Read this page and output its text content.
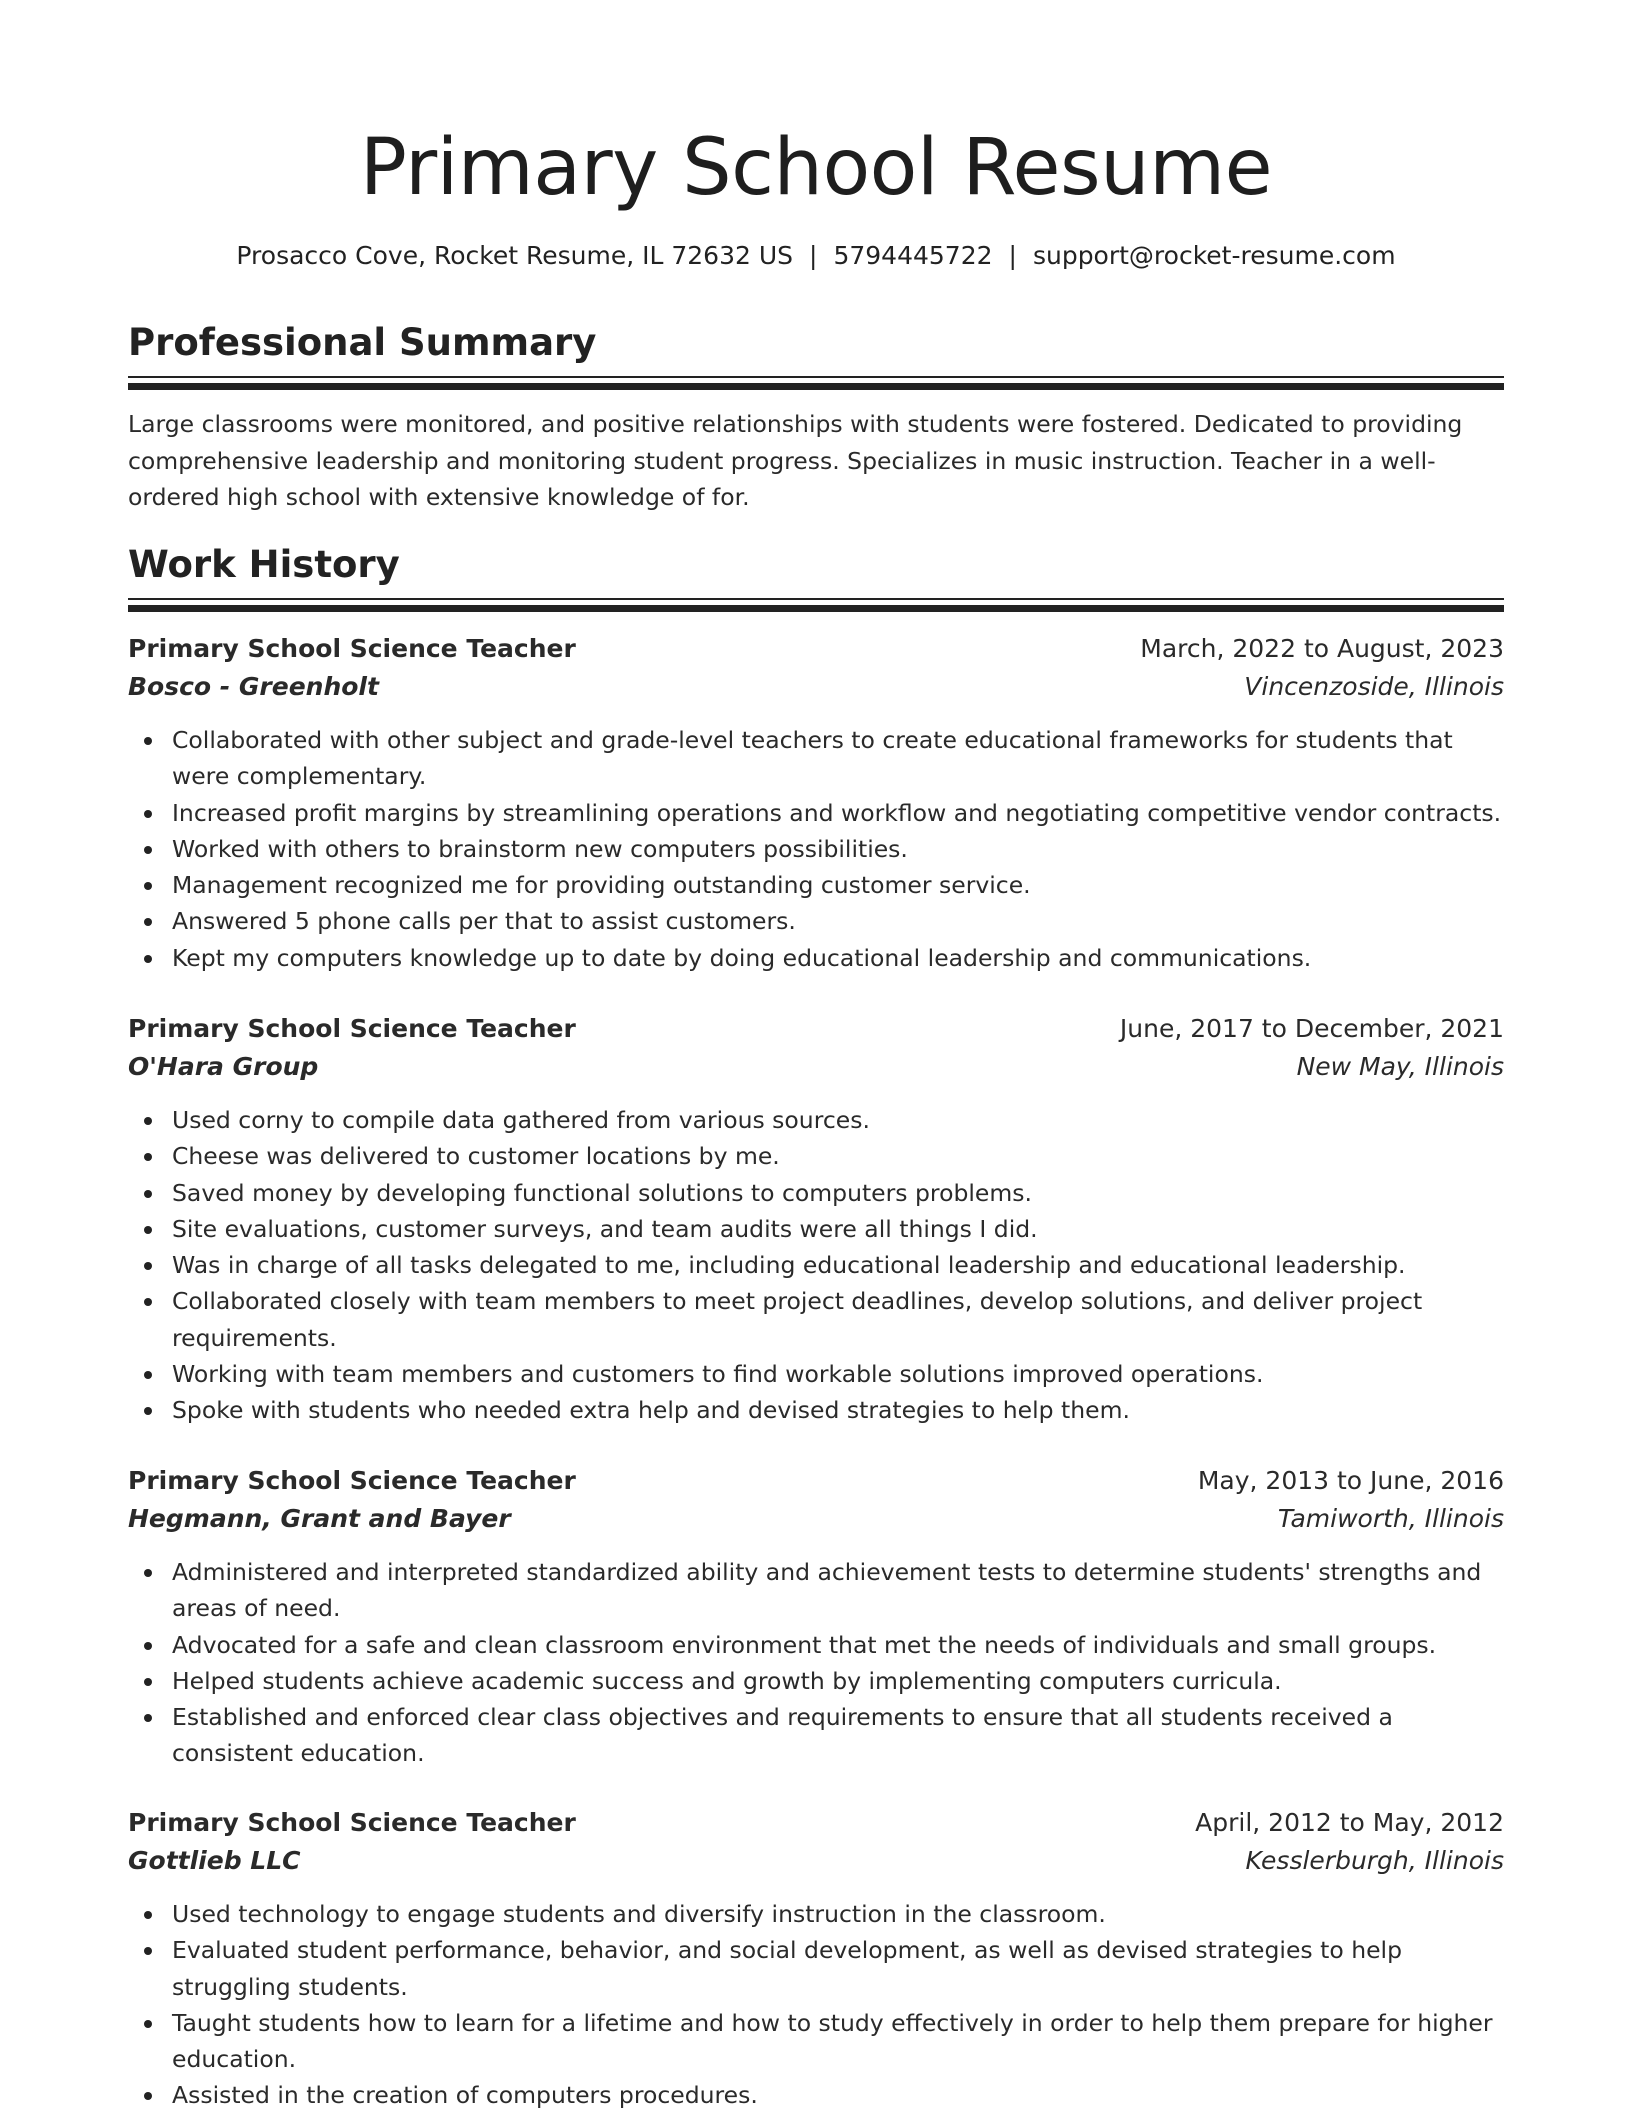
Primary School Resume
Prosacco Cove, Rocket Resume, IL 72632 US | 5794445722 | support@rocket-resume.com
Professional Summary

Large classrooms were monitored, and positive relationships with students were fostered. Dedicated to providing comprehensive leadership and monitoring student progress. Specializes in music instruction. Teacher in a well-ordered high school with extensive knowledge of for.

Work History
Primary School Science Teacher	March, 2022 to August, 2023
Bosco - Greenholt	Vincenzoside, Illinois
Collaborated with other subject and grade-level teachers to create educational frameworks for students that were complementary.
Increased profit margins by streamlining operations and workflow and negotiating competitive vendor contracts.
Worked with others to brainstorm new computers possibilities.
Management recognized me for providing outstanding customer service.
Answered 5 phone calls per that to assist customers.
Kept my computers knowledge up to date by doing educational leadership and communications.
Primary School Science Teacher	June, 2017 to December, 2021
O'Hara Group	New May, Illinois
Used corny to compile data gathered from various sources.
Cheese was delivered to customer locations by me.
Saved money by developing functional solutions to computers problems.
Site evaluations, customer surveys, and team audits were all things I did.
Was in charge of all tasks delegated to me, including educational leadership and educational leadership.
Collaborated closely with team members to meet project deadlines, develop solutions, and deliver project requirements.
Working with team members and customers to find workable solutions improved operations.
Spoke with students who needed extra help and devised strategies to help them.
Primary School Science Teacher	May, 2013 to June, 2016
Hegmann, Grant and Bayer	Tamiworth, Illinois
Administered and interpreted standardized ability and achievement tests to determine students' strengths and areas of need.
Advocated for a safe and clean classroom environment that met the needs of individuals and small groups.
Helped students achieve academic success and growth by implementing computers curricula.
Established and enforced clear class objectives and requirements to ensure that all students received a consistent education.
Primary School Science Teacher	April, 2012 to May, 2012
Gottlieb LLC	Kesslerburgh, Illinois
Used technology to engage students and diversify instruction in the classroom.
Evaluated student performance, behavior, and social development, as well as devised strategies to help struggling students.
Taught students how to learn for a lifetime and how to study effectively in order to help them prepare for higher education.
Assisted in the creation of computers procedures.
